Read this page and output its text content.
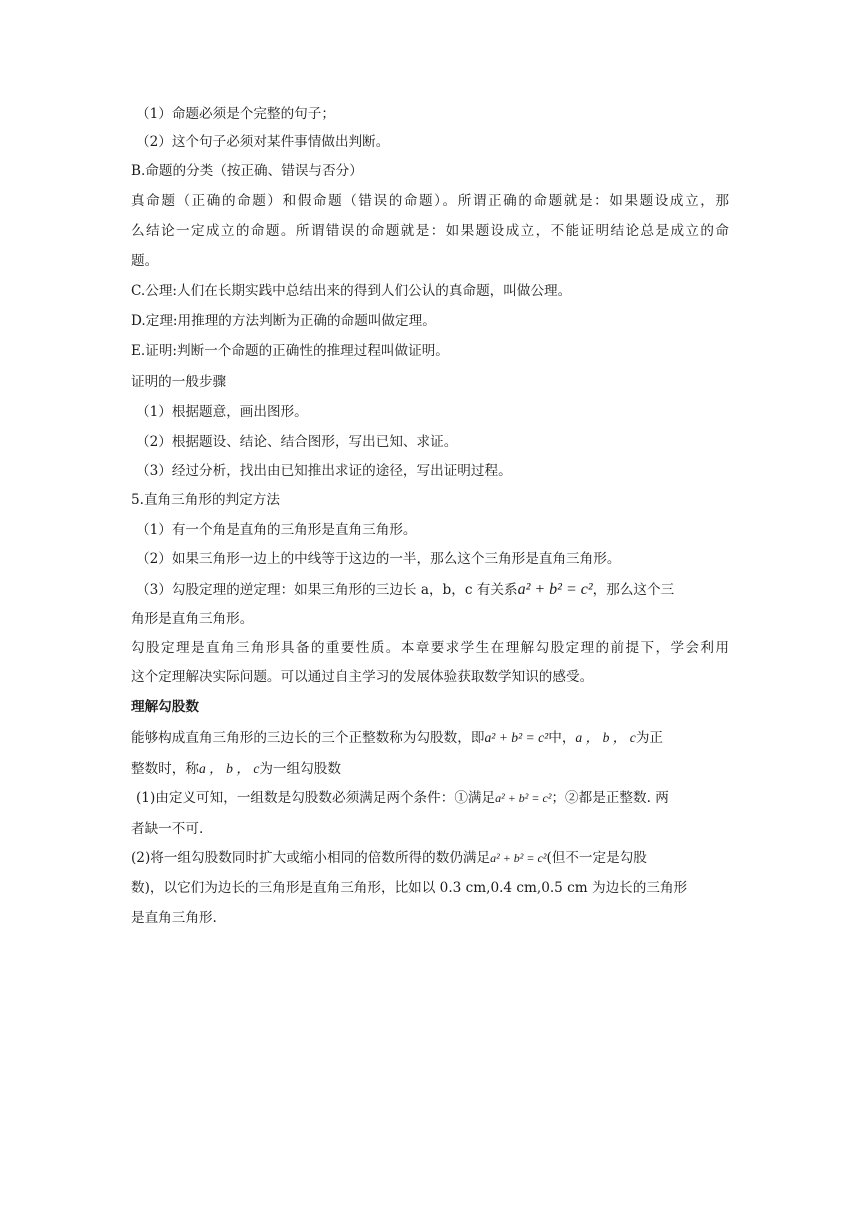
（1）命题必须是个完整的句子；
（2）这个句子必须对某件事情做出判断。
B.命题的分类（按正确、错误与否分）
真命题（正确的命题）和假命题（错误的命题）。所谓正确的命题就是：如果题设成立，那
么结论一定成立的命题。所谓错误的命题就是：如果题设成立，不能证明结论总是成立的命
题。
C.公理:人们在长期实践中总结出来的得到人们公认的真命题，叫做公理。
D.定理:用推理的方法判断为正确的命题叫做定理。
E.证明:判断一个命题的正确性的推理过程叫做证明。
证明的一般步骤
（1）根据题意，画出图形。
（2）根据题设、结论、结合图形，写出已知、求证。
（3）经过分析，找出由已知推出求证的途径，写出证明过程。
5.直角三角形的判定方法
（1）有一个角是直角的三角形是直角三角形。
（2）如果三角形一边上的中线等于这边的一半，那么这个三角形是直角三角形。
（3）勾股定理的逆定理：如果三角形的三边长 a，b，c 有关系a² + b² = c²，那么这个三
角形是直角三角形。
勾股定理是直角三角形具备的重要性质。本章要求学生在理解勾股定理的前提下，学会利用
这个定理解决实际问题。可以通过自主学习的发展体验获取数学知识的感受。
理解勾股数
能够构成直角三角形的三边长的三个正整数称为勾股数，即a² + b² = c²中，a ， b ， c为正
整数时，称a ， b ， c为一组勾股数
(1)由定义可知，一组数是勾股数必须满足两个条件：①满足a² + b² = c²；②都是正整数. 两
者缺一不可.
(2)将一组勾股数同时扩大或缩小相同的倍数所得的数仍满足a² + b² = c²(但不一定是勾股
数)，以它们为边长的三角形是直角三角形，比如以 0.3 cm,0.4 cm,0.5 cm 为边长的三角形
是直角三角形.
